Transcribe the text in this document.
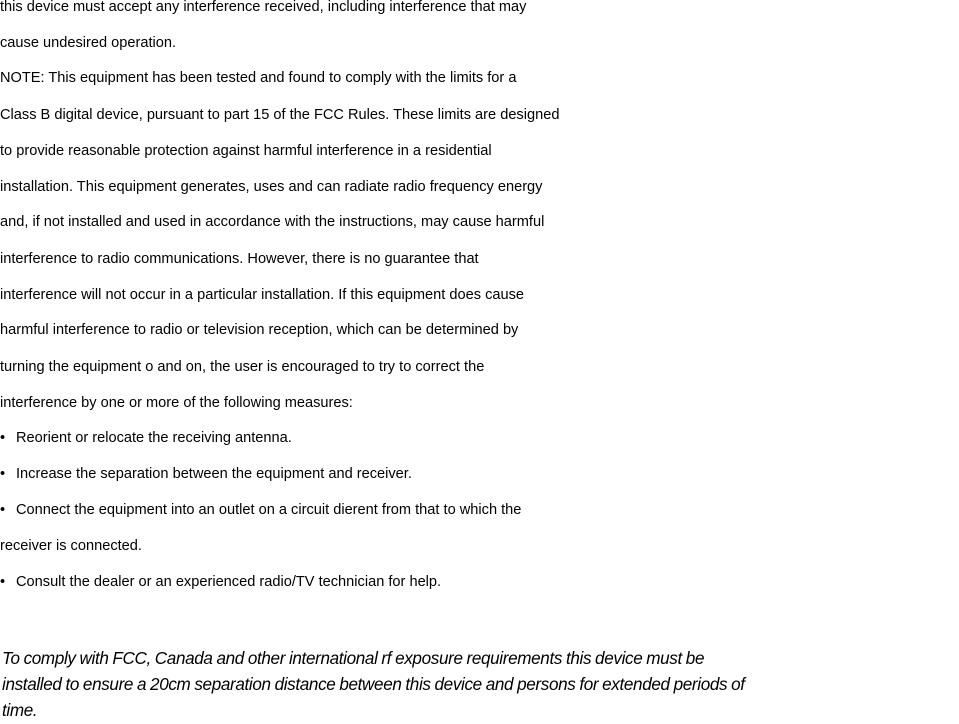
this device must accept any interference received, including interference that may

cause undesired operation.

NOTE: This equipment has been tested and found to comply with the limits for a

Class B digital device, pursuant to part 15 of the FCC Rules. These limits are designed

to provide reasonable protection against harmful interference in a residential

installation. This equipment generates, uses and can radiate radio frequency energy

and, if not installed and used in accordance with the instructions, may cause harmful

interference to radio communications. However, there is no guarantee that

interference will not occur in a particular installation. If this equipment does cause

harmful interference to radio or television reception, which can be determined by

turning the equipment o and on, the user is encouraged to try to correct the

interference by one or more of the following measures:

• Reorient or relocate the receiving antenna.
• Increase the separation between the equipment and receiver.
• Connect the equipment into an outlet on a circuit dierent from that to which the

receiver is connected.

• Consult the dealer or an experienced radio/TV technician for help.
To comply with FCC, Canada and other international rf exposure requirements this device must be
installed to ensure a 20cm separation distance between this device and persons for extended periods of
time.
